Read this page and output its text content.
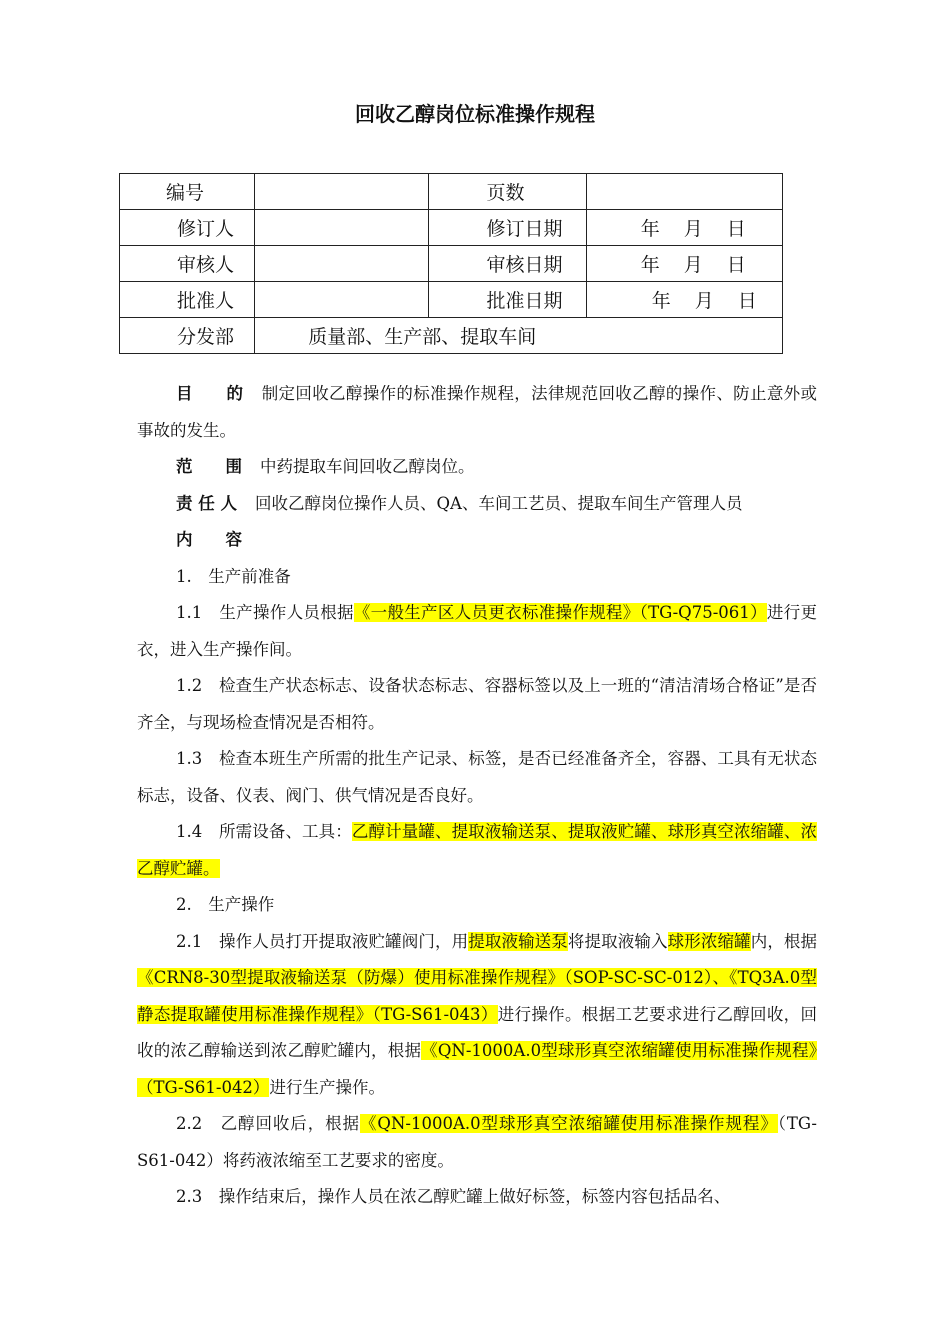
回收乙醇岗位标准操作规程
编号		页数	
修订人		修订日期	年 月 日
审核人		审核日期	年 月 日
批准人		批准日期	年 月 日
分发部	质量部、生产部、提取车间		

目　　的 制定回收乙醇操作的标准操作规程，法律规范回收乙醇的操作、防止意外或事故的发生。

范　　围 中药提取车间回收乙醇岗位。

责 任 人 回收乙醇岗位操作人员、QA、车间工艺员、提取车间生产管理人员

内　　容

1.　生产前准备

1.1　生产操作人员根据《一般生产区人员更衣标准操作规程》（TG-Q75-061）进行更衣，进入生产操作间。

1.2　检查生产状态标志、设备状态标志、容器标签以及上一班的“清洁清场合格证”是否齐全，与现场检查情况是否相符。

1.3　检查本班生产所需的批生产记录、标签，是否已经准备齐全，容器、工具有无状态标志，设备、仪表、阀门、供气情况是否良好。

1.4　所需设备、工具：乙醇计量罐、提取液输送泵、提取液贮罐、球形真空浓缩罐、浓乙醇贮罐。

2.　生产操作

2.1　操作人员打开提取液贮罐阀门，用提取液输送泵将提取液输入球形浓缩罐内，根据《CRN8-30型提取液输送泵（防爆）使用标准操作规程》（SOP-SC-SC-012）、《TQ3A.0型静态提取罐使用标准操作规程》（TG-S61-043）进行操作。根据工艺要求进行乙醇回收，回收的浓乙醇输送到浓乙醇贮罐内，根据《QN-1000A.0型球形真空浓缩罐使用标准操作规程》（TG-S61-042）进行生产操作。

2.2　乙醇回收后，根据《QN-1000A.0型球形真空浓缩罐使用标准操作规程》（TG-S61-042）将药液浓缩至工艺要求的密度。

2.3　操作结束后，操作人员在浓乙醇贮罐上做好标签，标签内容包括品名、
